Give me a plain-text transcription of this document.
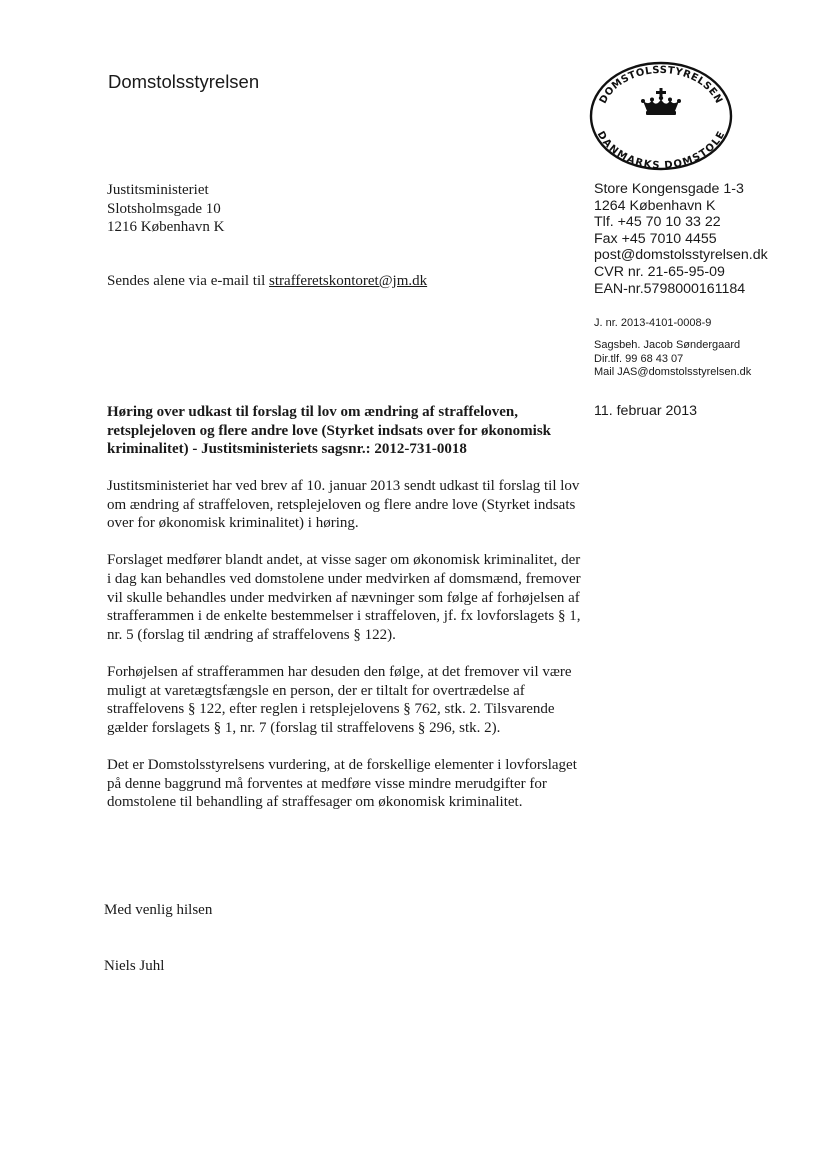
Domstolsstyrelsen
DOMSTOLSSTYRELSEN
DANMARKS DOMSTOLE
Justitsministeriet
Slotsholmsgade 10
1216 København K
Sendes alene via e-mail til strafferetskontoret@jm.dk
Store Kongensgade 1-3
1264 København K
Tlf. +45 70 10 33 22
Fax +45 7010 4455
post@domstolsstyrelsen.dk
CVR nr. 21-65-95-09
EAN-nr.5798000161184
J. nr. 2013-4101-0008-9
Sagsbeh. Jacob Søndergaard
Dir.tlf. 99 68 43 07
Mail JAS@domstolsstyrelsen.dk
11. februar 2013
Høring over udkast til forslag til lov om ændring af straffeloven, retsplejeloven og flere andre love (Styrket indsats over for økonomisk kriminalitet) - Justitsministeriets sagsnr.: 2012-731-0018

Justitsministeriet har ved brev af 10. januar 2013 sendt udkast til forslag til lov om ændring af straffeloven, retsplejeloven og flere andre love (Styrket indsats over for økonomisk kriminalitet) i høring.

Forslaget medfører blandt andet, at visse sager om økonomisk kriminalitet, der i dag kan behandles ved domstolene under medvirken af domsmænd, fremover vil skulle behandles under medvirken af nævninger som følge af forhøjelsen af strafferammen i de enkelte bestemmelser i straffeloven, jf. fx lovforslagets § 1, nr. 5 (forslag til ændring af straffelovens § 122).

Forhøjelsen af strafferammen har desuden den følge, at det fremover vil være muligt at varetægtsfængsle en person, der er tiltalt for overtrædelse af straffelovens § 122, efter reglen i retsplejelovens § 762, stk. 2. Tilsvarende gælder forslagets § 1, nr. 7 (forslag til straffelovens § 296, stk. 2).

Det er Domstolsstyrelsens vurdering, at de forskellige elementer i lovforslaget på denne baggrund må forventes at medføre visse mindre merudgifter for domstolene til behandling af straffesager om økonomisk kriminalitet.

Med venlig hilsen
Niels Juhl
